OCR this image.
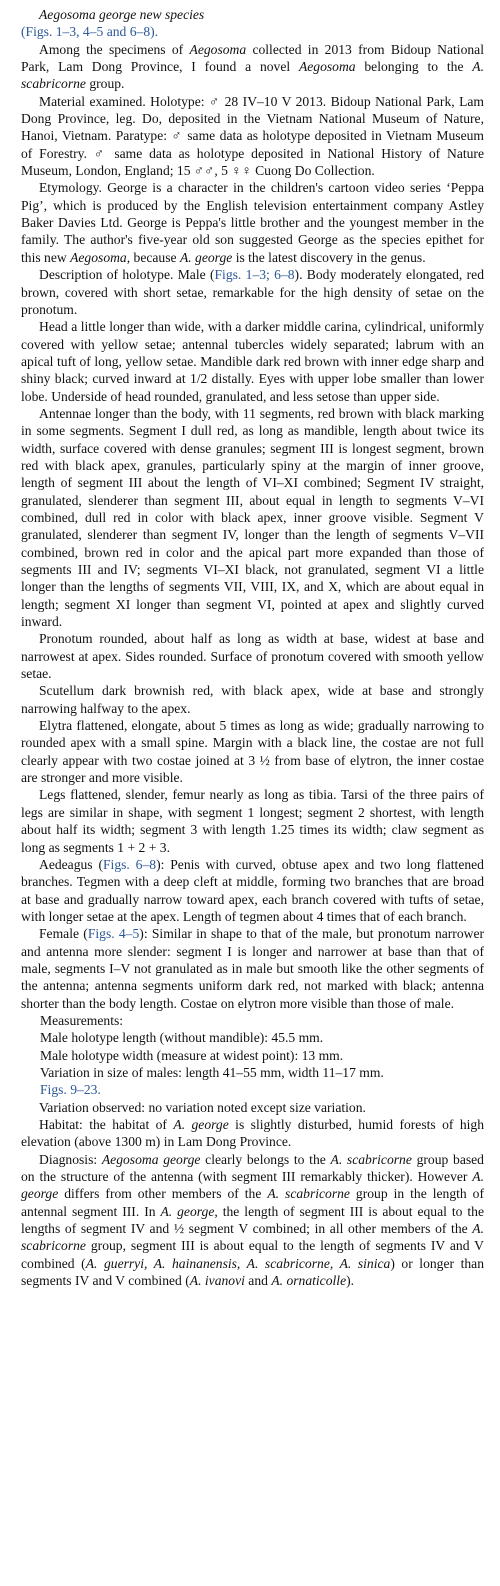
Aegosoma george new species
(Figs. 1–3, 4–5 and 6–8).

Among the specimens of Aegosoma collected in 2013 from Bidoup National Park, Lam Dong Province, I found a novel Aegosoma belonging to the A. scabricorne group.

Material examined. Holotype: ♂ 28 IV–10 V 2013. Bidoup National Park, Lam Dong Province, leg. Do, deposited in the Vietnam National Museum of Nature, Hanoi, Vietnam. Paratype: ♂ same data as holotype deposited in Vietnam Museum of Forestry. ♂ same data as holotype deposited in National History of Nature Museum, London, England; 15 ♂♂, 5 ♀♀ Cuong Do Collection.

Etymology. George is a character in the children's cartoon video series ‘Peppa Pig’, which is produced by the English television entertainment company Astley Baker Davies Ltd. George is Peppa's little brother and the youngest member in the family. The author's five-year old son suggested George as the species epithet for this new Aegosoma, because A. george is the latest discovery in the genus.

Description of holotype. Male (Figs. 1–3; 6–8). Body moderately elongated, red brown, covered with short setae, remarkable for the high density of setae on the pronotum.

Head a little longer than wide, with a darker middle carina, cylindrical, uniformly covered with yellow setae; antennal tubercles widely separated; labrum with an apical tuft of long, yellow setae. Mandible dark red brown with inner edge sharp and shiny black; curved inward at 1/2 distally. Eyes with upper lobe smaller than lower lobe. Underside of head rounded, granulated, and less setose than upper side.

Antennae longer than the body, with 11 segments, red brown with black marking in some segments. Segment I dull red, as long as mandible, length about twice its width, surface covered with dense granules; segment III is longest segment, brown red with black apex, granules, particularly spiny at the margin of inner groove, length of segment III about the length of VI–XI combined; Segment IV straight, granulated, slenderer than segment III, about equal in length to segments V–VI combined, dull red in color with black apex, inner groove visible. Segment V granulated, slenderer than segment IV, longer than the length of segments V–VII combined, brown red in color and the apical part more expanded than those of segments III and IV; segments VI–XI black, not granulated, segment VI a little longer than the lengths of segments VII, VIII, IX, and X, which are about equal in length; segment XI longer than segment VI, pointed at apex and slightly curved inward.

Pronotum rounded, about half as long as width at base, widest at base and narrowest at apex. Sides rounded. Surface of pronotum covered with smooth yellow setae.

Scutellum dark brownish red, with black apex, wide at base and strongly narrowing halfway to the apex.

Elytra flattened, elongate, about 5 times as long as wide; gradually narrowing to rounded apex with a small spine. Margin with a black line, the costae are not full clearly appear with two costae joined at 3 ½ from base of elytron, the inner costae are stronger and more visible.

Legs flattened, slender, femur nearly as long as tibia. Tarsi of the three pairs of legs are similar in shape, with segment 1 longest; segment 2 shortest, with length about half its width; segment 3 with length 1.25 times its width; claw segment as long as segments 1 + 2 + 3.

Aedeagus (Figs. 6–8): Penis with curved, obtuse apex and two long flattened branches. Tegmen with a deep cleft at middle, forming two branches that are broad at base and gradually narrow toward apex, each branch covered with tufts of setae, with longer setae at the apex. Length of tegmen about 4 times that of each branch.

Female (Figs. 4–5): Similar in shape to that of the male, but pronotum narrower and antenna more slender: segment I is longer and narrower at base than that of male, segments I–V not granulated as in male but smooth like the other segments of the antenna; antenna segments uniform dark red, not marked with black; antenna shorter than the body length. Costae on elytron more visible than those of male.

Measurements:

Male holotype length (without mandible): 45.5 mm.

Male holotype width (measure at widest point): 13 mm.

Variation in size of males: length 41–55 mm, width 11–17 mm.

Figs. 9–23.

Variation observed: no variation noted except size variation.

Habitat: the habitat of A. george is slightly disturbed, humid forests of high elevation (above 1300 m) in Lam Dong Province.

Diagnosis: Aegosoma george clearly belongs to the A. scabricorne group based on the structure of the antenna (with segment III remarkably thicker). However A. george differs from other members of the A. scabricorne group in the length of antennal segment III. In A. george, the length of segment III is about equal to the lengths of segment IV and ½ segment V combined; in all other members of the A. scabricorne group, segment III is about equal to the length of segments IV and V combined (A. guerryi, A. hainanensis, A. scabricorne, A. sinica) or longer than segments IV and V combined (A. ivanovi and A. ornaticolle).
